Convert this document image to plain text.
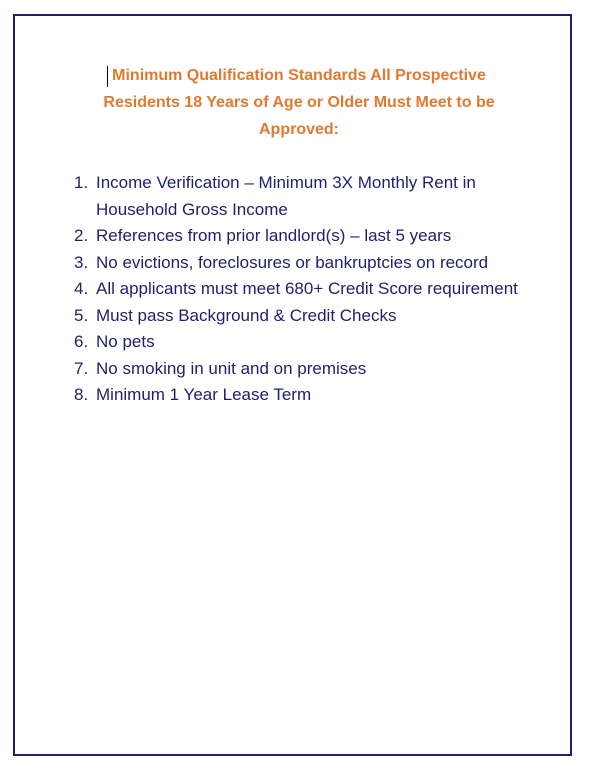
Minimum Qualification Standards All Prospective Residents 18 Years of Age or Older Must Meet to be Approved:
1. Income Verification – Minimum 3X Monthly Rent in Household Gross Income
2. References from prior landlord(s) – last 5 years
3. No evictions, foreclosures or bankruptcies on record
4. All applicants must meet 680+ Credit Score requirement
5. Must pass Background & Credit Checks
6. No pets
7. No smoking in unit and on premises
8. Minimum 1 Year Lease Term
